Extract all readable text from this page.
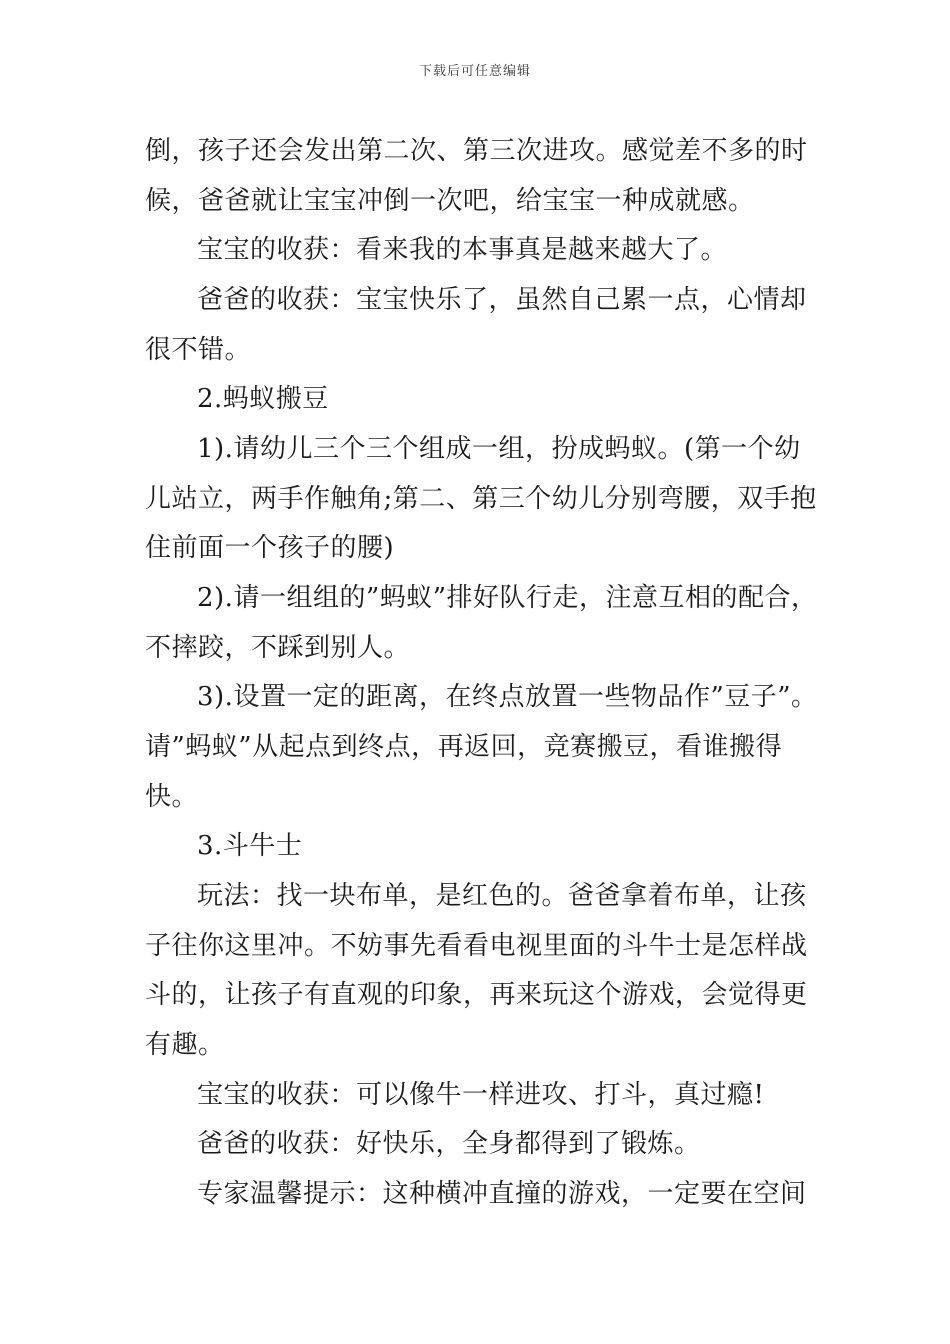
下载后可任意编辑
倒，孩子还会发出第二次、第三次进攻。感觉差不多的时
候，爸爸就让宝宝冲倒一次吧，给宝宝一种成就感。
宝宝的收获：看来我的本事真是越来越大了。
爸爸的收获：宝宝快乐了，虽然自己累一点，心情却
很不错。
2.蚂蚁搬豆
1).请幼儿三个三个组成一组，扮成蚂蚁。(第一个幼
儿站立，两手作触角;第二、第三个幼儿分别弯腰，双手抱
住前面一个孩子的腰)
2).请一组组的”蚂蚁”排好队行走，注意互相的配合，
不摔跤，不踩到别人。
3).设置一定的距离，在终点放置一些物品作”豆子”。
请”蚂蚁”从起点到终点，再返回，竞赛搬豆，看谁搬得
快。
3.斗牛士
玩法：找一块布单，是红色的。爸爸拿着布单，让孩
子往你这里冲。不妨事先看看电视里面的斗牛士是怎样战
斗的，让孩子有直观的印象，再来玩这个游戏，会觉得更
有趣。
宝宝的收获：可以像牛一样进攻、打斗，真过瘾!
爸爸的收获：好快乐，全身都得到了锻炼。
专家温馨提示：这种横冲直撞的游戏，一定要在空间
